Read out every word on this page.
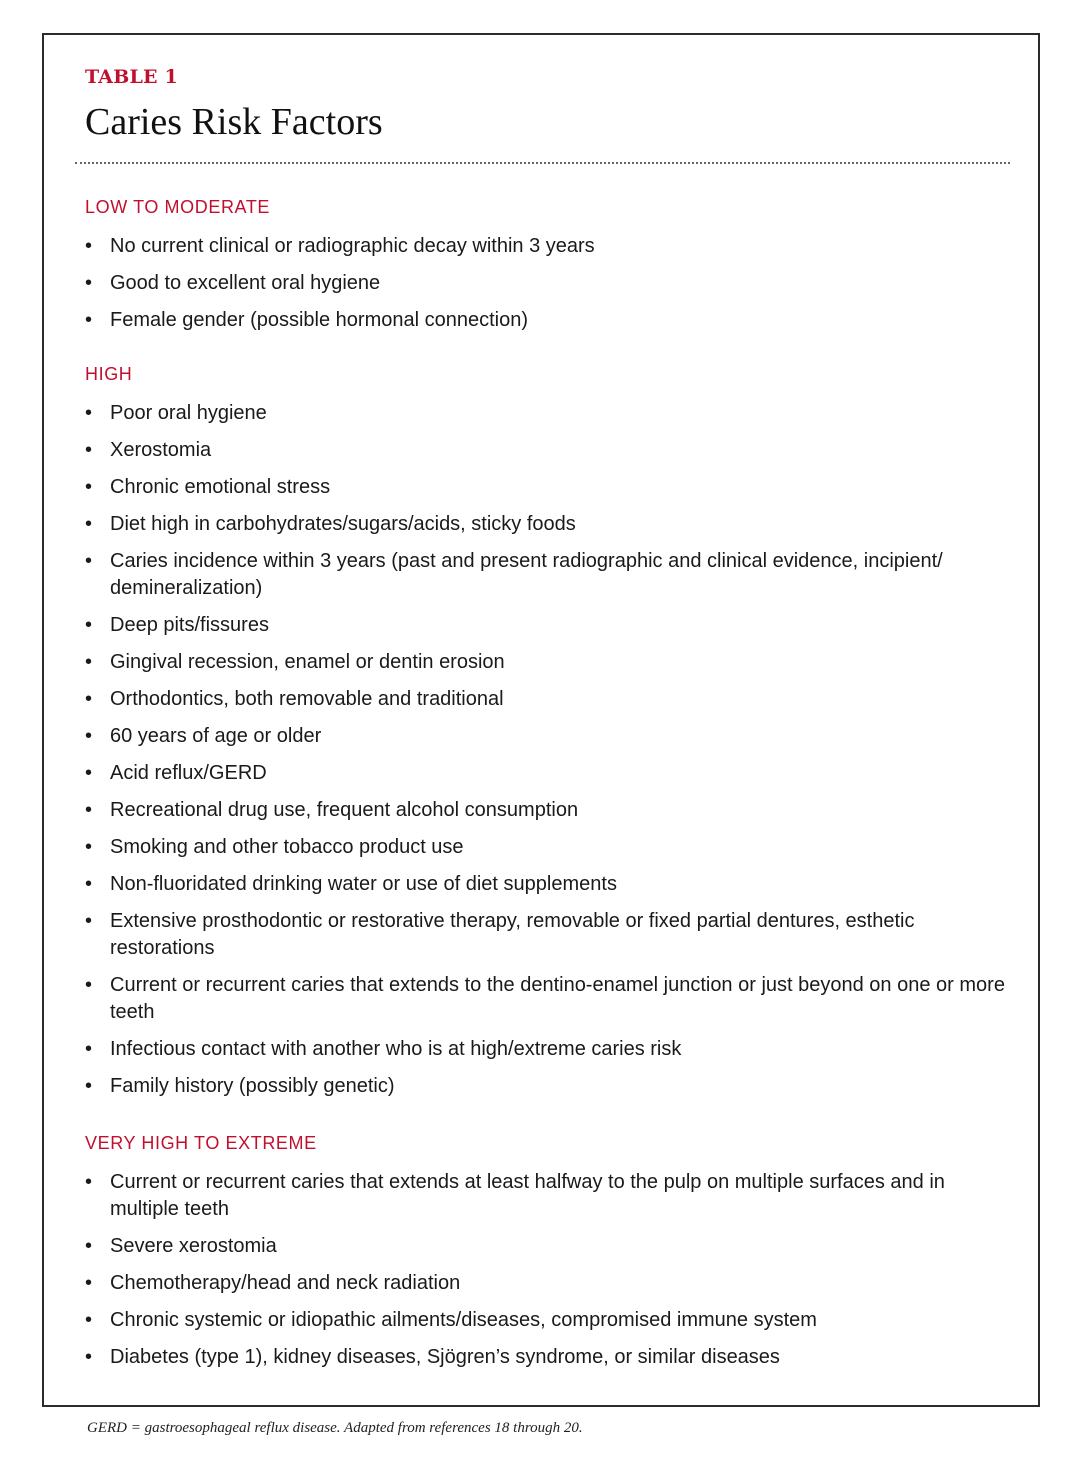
TABLE 1
Caries Risk Factors
LOW TO MODERATE
• No current clinical or radiographic decay within 3 years
• Good to excellent oral hygiene
• Female gender (possible hormonal connection)
HIGH
• Poor oral hygiene
• Xerostomia
• Chronic emotional stress
• Diet high in carbohydrates/sugars/acids, sticky foods
• Caries incidence within 3 years (past and present radiographic and clinical evidence, incipient/ demineralization)
• Deep pits/fissures
• Gingival recession, enamel or dentin erosion
• Orthodontics, both removable and traditional
• 60 years of age or older
• Acid reflux/GERD
• Recreational drug use, frequent alcohol consumption
• Smoking and other tobacco product use
• Non-fluoridated drinking water or use of diet supplements
• Extensive prosthodontic or restorative therapy, removable or fixed partial dentures, esthetic restorations
• Current or recurrent caries that extends to the dentino-enamel junction or just beyond on one or more teeth
• Infectious contact with another who is at high/extreme caries risk
• Family history (possibly genetic)
VERY HIGH TO EXTREME
• Current or recurrent caries that extends at least halfway to the pulp on multiple surfaces and in multiple teeth
• Severe xerostomia
• Chemotherapy/head and neck radiation
• Chronic systemic or idiopathic ailments/diseases, compromised immune system
• Diabetes (type 1), kidney diseases, Sjögren’s syndrome, or similar diseases
GERD = gastroesophageal reflux disease. Adapted from references 18 through 20.
